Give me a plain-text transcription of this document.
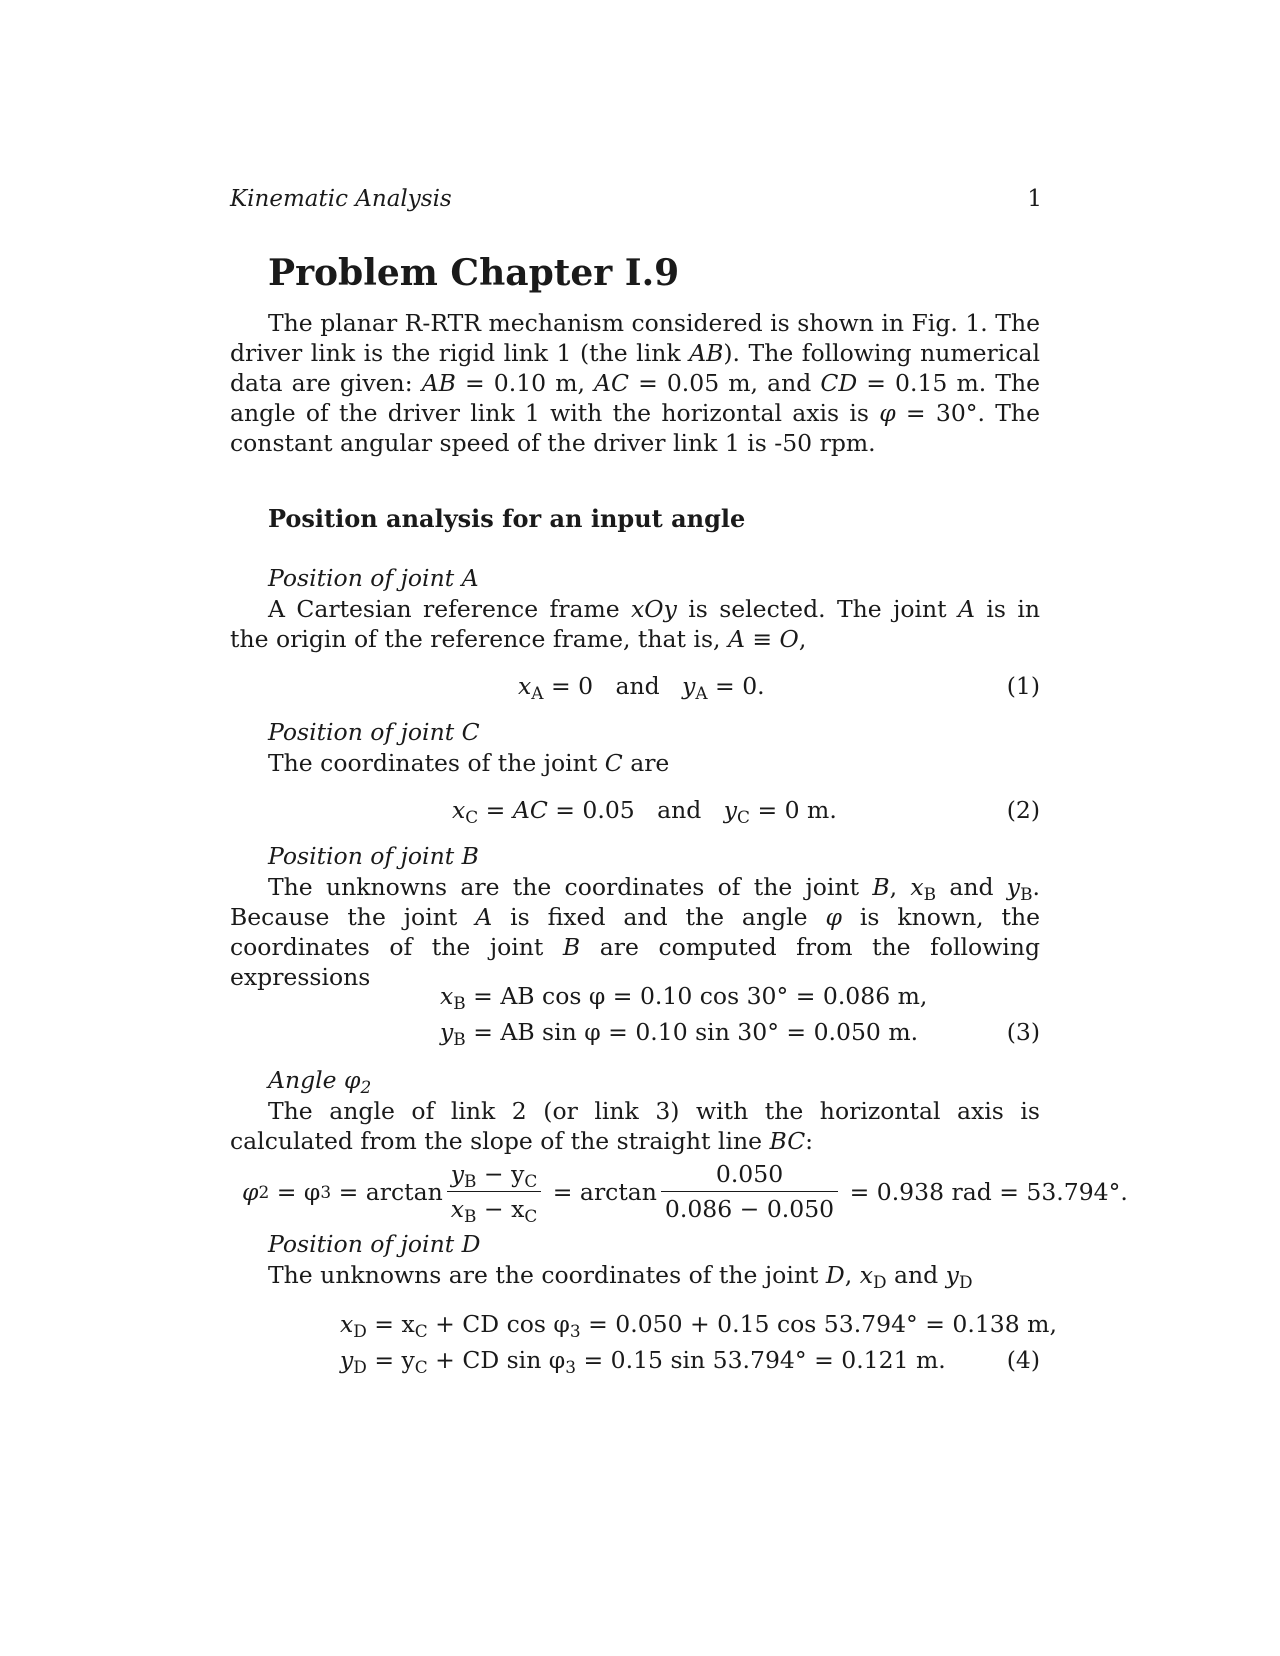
Kinematic Analysis	1
Problem Chapter I.9
The planar R-RTR mechanism considered is shown in Fig. 1. The driver link is the rigid link 1 (the link AB). The following numerical data are given: AB = 0.10 m, AC = 0.05 m, and CD = 0.15 m. The angle of the driver link 1 with the horizontal axis is φ = 30°. The constant angular speed of the driver link 1 is -50 rpm.
Position analysis for an input angle
Position of joint A
A Cartesian reference frame xOy is selected. The joint A is in the origin of the reference frame, that is, A ≡ O,
$x_A = 0$   and   $y_A = 0$.	(1)
Position of joint C
The coordinates of the joint C are
$x_C$ = AC = 0.05   and   $y_C = 0$ m.	(2)
Position of joint B
The unknowns are the coordinates of the joint B, $x_B$ and $y_B$. Because the joint A is fixed and the angle φ is known, the coordinates of the joint B are computed from the following expressions
$x_B$ = AB cos φ = 0.10 cos 30° = 0.086 m,
$y_B$ = AB sin φ = 0.10 sin 30° = 0.050 m.	(3)
Angle $\varphi_2$
The angle of link 2 (or link 3) with the horizontal axis is calculated from the slope of the straight line BC:
φ 2 = φ $3 = \arctan \frac{y_B - y_C}{x_B - x_C} = \arctan \frac{0.050}{0.086 - 0.050} = 0.938$ rad = 53.794°.
Position of joint D
The unknowns are the coordinates of the joint D, $x_D$ and $y_D$
$x_D = x_C$ + CD $\cos \varphi_3 = 0.050 + 0.15$ cos 53.794° = 0.138 m,
$y_D = y_C$ + CD $\sin \varphi_3 = 0.15$ sin 53.794° = 0.121 m.	(4)
